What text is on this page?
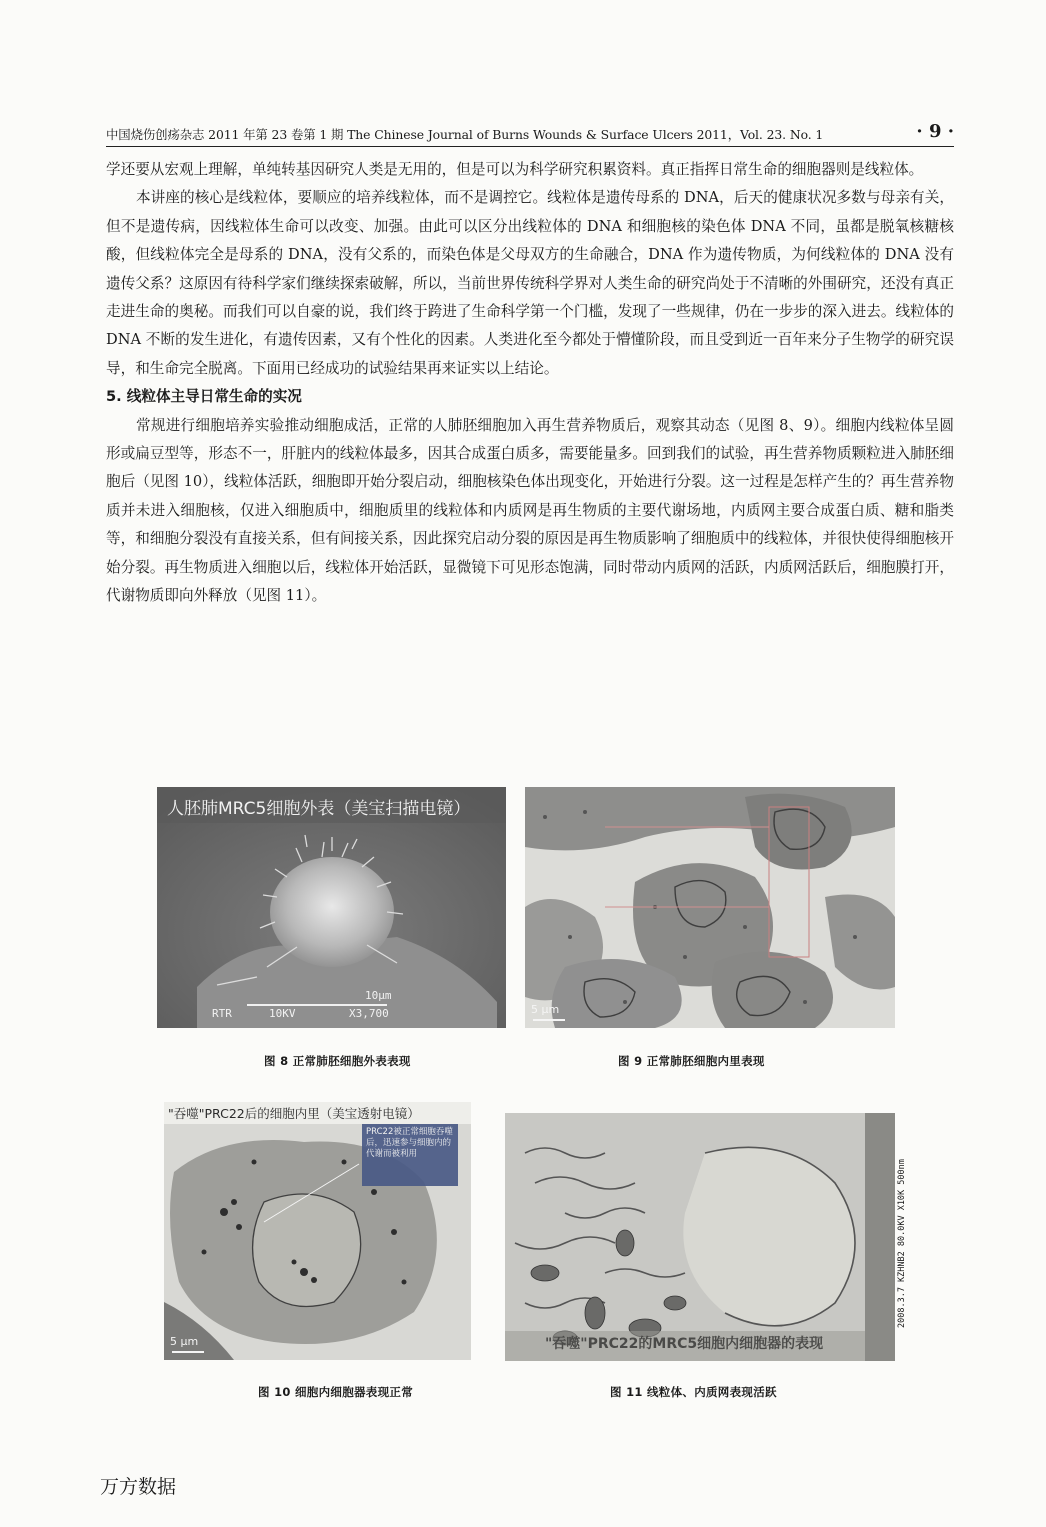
中国烧伤创疡杂志 2011 年第 23 卷第 1 期 The Chinese Journal of Burns Wounds & Surface Ulcers 2011，Vol. 23. No. 1	· 9 ·

学还要从宏观上理解，单纯转基因研究人类是无用的，但是可以为科学研究积累资料。真正指挥日常生命的细胞器则是线粒体。

本讲座的核心是线粒体，要顺应的培养线粒体，而不是调控它。线粒体是遗传母系的 DNA，后天的健康状况多数与母亲有关，但不是遗传病，因线粒体生命可以改变、加强。由此可以区分出线粒体的 DNA 和细胞核的染色体 DNA 不同，虽都是脱氧核糖核酸，但线粒体完全是母系的 DNA，没有父系的，而染色体是父母双方的生命融合，DNA 作为遗传物质，为何线粒体的 DNA 没有遗传父系？这原因有待科学家们继续探索破解，所以，当前世界传统科学界对人类生命的研究尚处于不清晰的外围研究，还没有真正走进生命的奥秘。而我们可以自豪的说，我们终于跨进了生命科学第一个门槛，发现了一些规律，仍在一步步的深入进去。线粒体的 DNA 不断的发生进化，有遗传因素，又有个性化的因素。人类进化至今都处于懵懂阶段，而且受到近一百年来分子生物学的研究误导，和生命完全脱离。下面用已经成功的试验结果再来证实以上结论。

5. 线粒体主导日常生命的实况

常规进行细胞培养实验推动细胞成活，正常的人肺胚细胞加入再生营养物质后，观察其动态（见图 8、9）。细胞内线粒体呈圆形或扁豆型等，形态不一，肝脏内的线粒体最多，因其合成蛋白质多，需要能量多。回到我们的试验，再生营养物质颗粒进入肺胚细胞后（见图 10），线粒体活跃，细胞即开始分裂启动，细胞核染色体出现变化，开始进行分裂。这一过程是怎样产生的？再生营养物质并未进入细胞核，仅进入细胞质中，细胞质里的线粒体和内质网是再生物质的主要代谢场地，内质网主要合成蛋白质、糖和脂类等，和细胞分裂没有直接关系，但有间接关系，因此探究启动分裂的原因是再生物质影响了细胞质中的线粒体，并很快使得细胞核开始分裂。再生物质进入细胞以后，线粒体开始活跃，显微镜下可见形态饱满，同时带动内质网的活跃，内质网活跃后，细胞膜打开，代谢物质即向外释放（见图 11）。

人胚肺MRC5细胞外表（美宝扫描电镜）
10μm
RTR	10KV	X3,700
图 8 正常肺胚细胞外表表现
5 μm
图 9 正常肺胚细胞内里表现
"吞噬"PRC22后的细胞内里（美宝透射电镜）
PRC22被正常细胞吞噬后，迅速参与细胞内的代谢而被利用
5 μm
图 10 细胞内细胞器表现正常
"吞噬"PRC22的MRC5细胞内细胞器的表现
2008.3.7 KZHNB2 80.0KV X10K 500nm
图 11 线粒体、内质网表现活跃
万方数据
